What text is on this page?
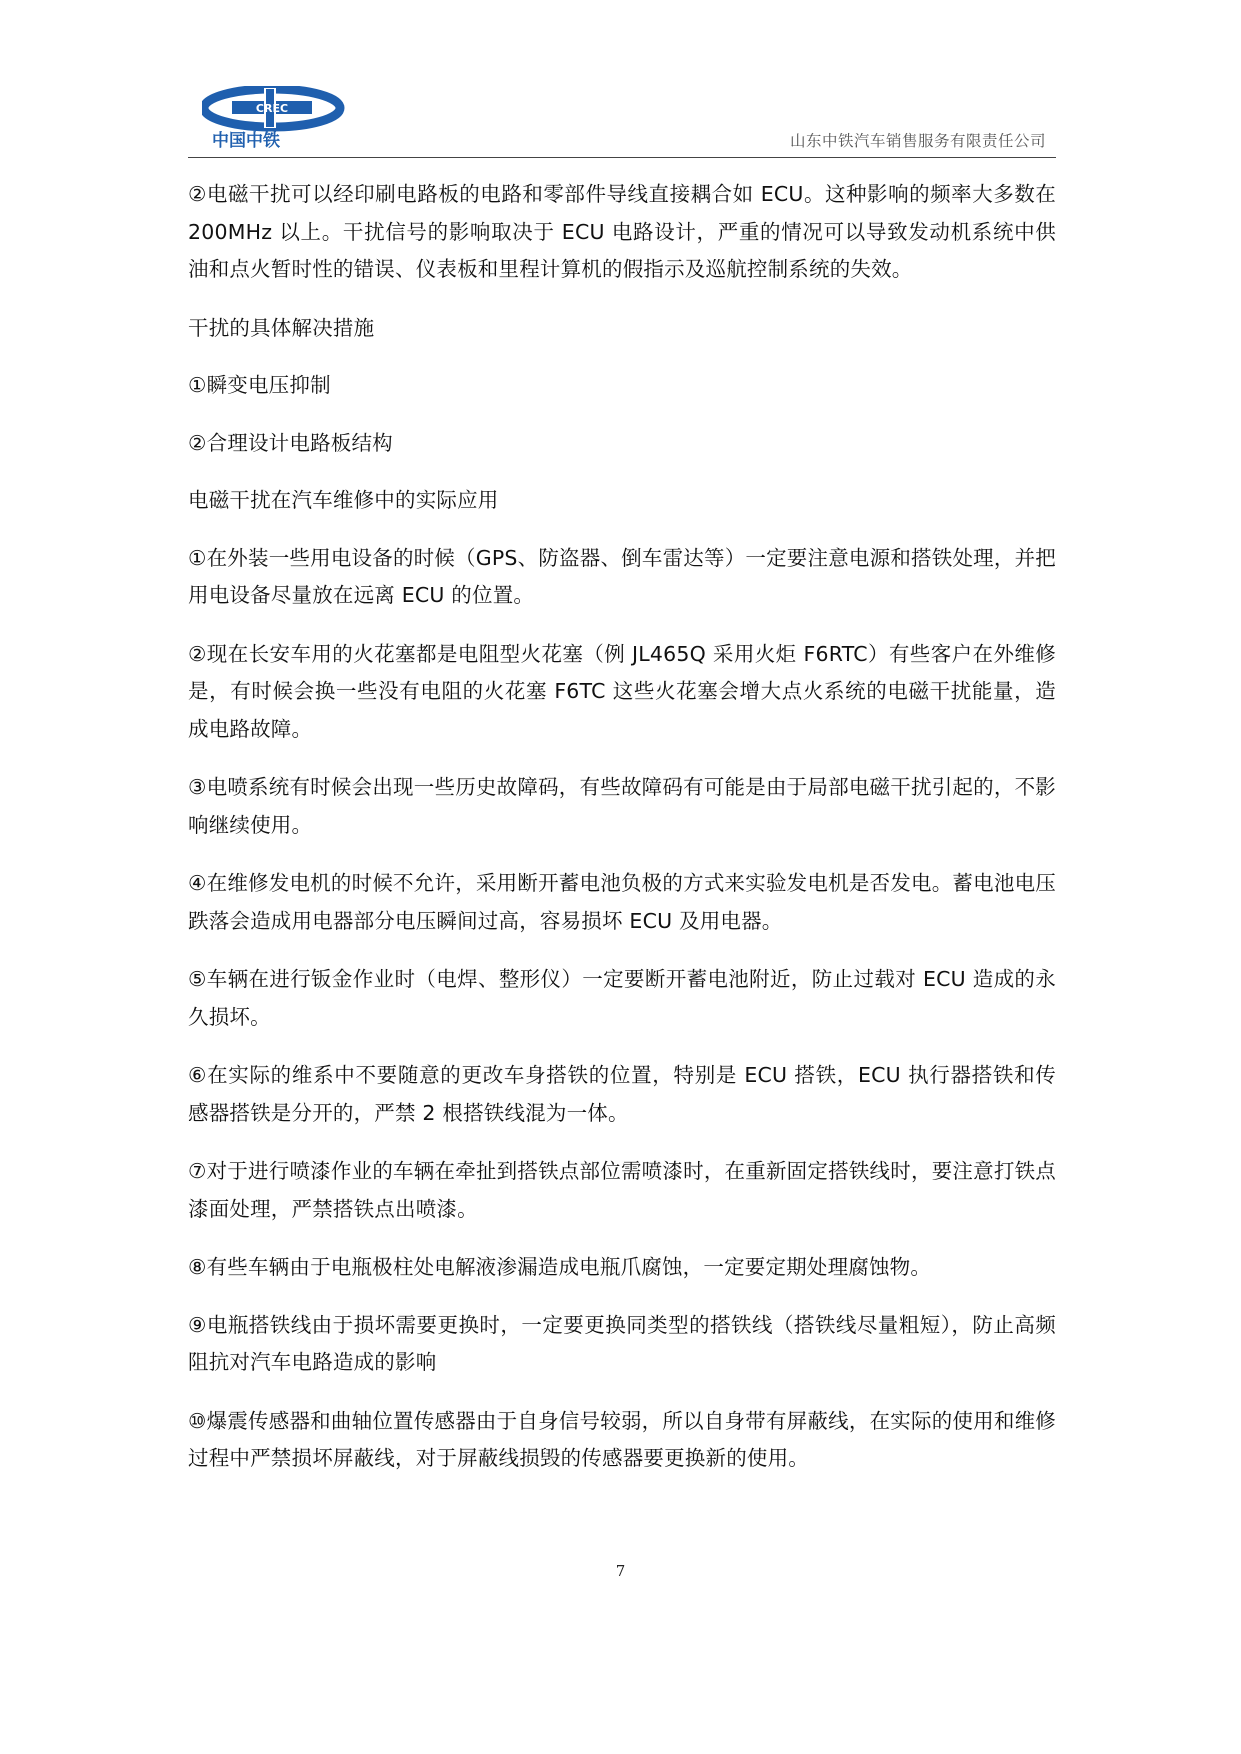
CREC
中国中铁	山东中铁汽车销售服务有限责任公司

②电磁干扰可以经印刷电路板的电路和零部件导线直接耦合如 ECU。这种影响的频率大多数在 200MHz 以上。干扰信号的影响取决于 ECU 电路设计，严重的情况可以导致发动机系统中供油和点火暂时性的错误、仪表板和里程计算机的假指示及巡航控制系统的失效。

干扰的具体解决措施

①瞬变电压抑制

②合理设计电路板结构

电磁干扰在汽车维修中的实际应用

①在外装一些用电设备的时候（GPS、防盗器、倒车雷达等）一定要注意电源和搭铁处理，并把用电设备尽量放在远离 ECU 的位置。

②现在长安车用的火花塞都是电阻型火花塞（例 JL465Q 采用火炬 F6RTC）有些客户在外维修是，有时候会换一些没有电阻的火花塞 F6TC 这些火花塞会增大点火系统的电磁干扰能量，造成电路故障。

③电喷系统有时候会出现一些历史故障码，有些故障码有可能是由于局部电磁干扰引起的，不影响继续使用。

④在维修发电机的时候不允许，采用断开蓄电池负极的方式来实验发电机是否发电。蓄电池电压跌落会造成用电器部分电压瞬间过高，容易损坏 ECU 及用电器。

⑤车辆在进行钣金作业时（电焊、整形仪）一定要断开蓄电池附近，防止过载对 ECU 造成的永久损坏。

⑥在实际的维系中不要随意的更改车身搭铁的位置，特别是 ECU 搭铁，ECU 执行器搭铁和传感器搭铁是分开的，严禁 2 根搭铁线混为一体。

⑦对于进行喷漆作业的车辆在牵扯到搭铁点部位需喷漆时，在重新固定搭铁线时，要注意打铁点漆面处理，严禁搭铁点出喷漆。

⑧有些车辆由于电瓶极柱处电解液渗漏造成电瓶爪腐蚀，一定要定期处理腐蚀物。

⑨电瓶搭铁线由于损坏需要更换时，一定要更换同类型的搭铁线（搭铁线尽量粗短），防止高频阻抗对汽车电路造成的影响

⑩爆震传感器和曲轴位置传感器由于自身信号较弱，所以自身带有屏蔽线，在实际的使用和维修过程中严禁损坏屏蔽线，对于屏蔽线损毁的传感器要更换新的使用。

7
